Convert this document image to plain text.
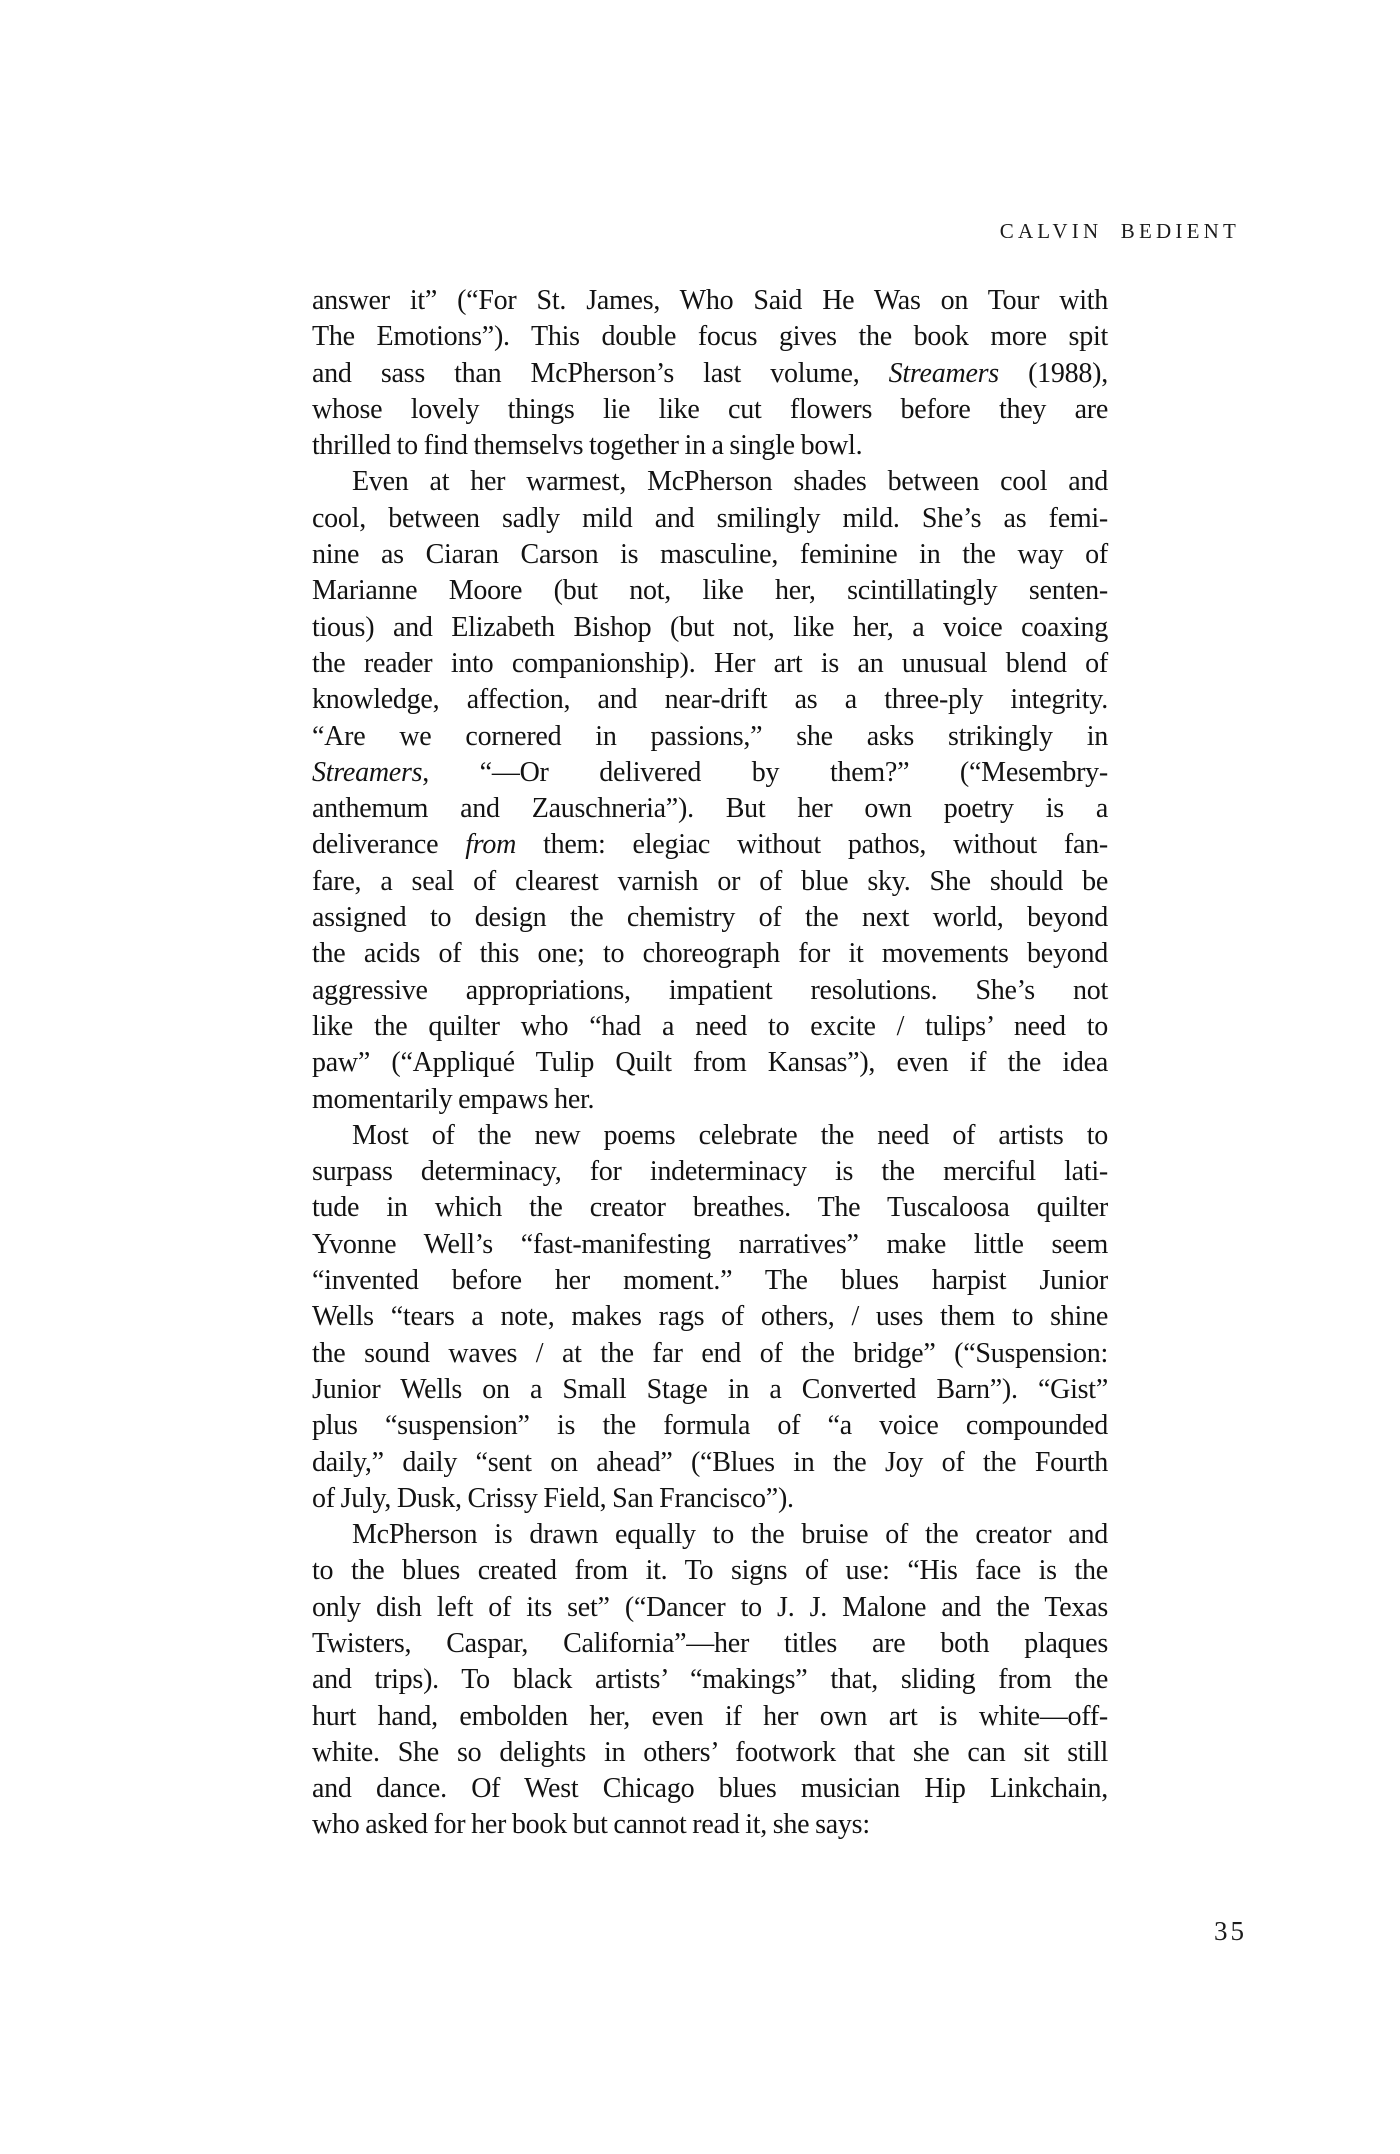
CALVIN BEDIENT
answer it” (“For St. James, Who Said He Was on Tour with
The Emotions”). This double focus gives the book more spit
and sass than McPherson’s last volume, Streamers (1988),
whose lovely things lie like cut flowers before they are
thrilled to find themselvs together in a single bowl.
Even at her warmest, McPherson shades between cool and
cool, between sadly mild and smilingly mild. She’s as femi-
nine as Ciaran Carson is masculine, feminine in the way of
Marianne Moore (but not, like her, scintillatingly senten-
tious) and Elizabeth Bishop (but not, like her, a voice coaxing
the reader into companionship). Her art is an unusual blend of
knowledge, affection, and near-drift as a three-ply integrity.
“Are we cornered in passions,” she asks strikingly in
Streamers, “—Or delivered by them?” (“Mesembry-
anthemum and Zauschneria”). But her own poetry is a
deliverance from them: elegiac without pathos, without fan-
fare, a seal of clearest varnish or of blue sky. She should be
assigned to design the chemistry of the next world, beyond
the acids of this one; to choreograph for it movements beyond
aggressive appropriations, impatient resolutions. She’s not
like the quilter who “had a need to excite / tulips’ need to
paw” (“Appliqué Tulip Quilt from Kansas”), even if the idea
momentarily empaws her.
Most of the new poems celebrate the need of artists to
surpass determinacy, for indeterminacy is the merciful lati-
tude in which the creator breathes. The Tuscaloosa quilter
Yvonne Well’s “fast-manifesting narratives” make little seem
“invented before her moment.” The blues harpist Junior
Wells “tears a note, makes rags of others, / uses them to shine
the sound waves / at the far end of the bridge” (“Suspension:
Junior Wells on a Small Stage in a Converted Barn”). “Gist”
plus “suspension” is the formula of “a voice compounded
daily,” daily “sent on ahead” (“Blues in the Joy of the Fourth
of July, Dusk, Crissy Field, San Francisco”).
McPherson is drawn equally to the bruise of the creator and
to the blues created from it. To signs of use: “His face is the
only dish left of its set” (“Dancer to J. J. Malone and the Texas
Twisters, Caspar, California”—her titles are both plaques
and trips). To black artists’ “makings” that, sliding from the
hurt hand, embolden her, even if her own art is white—off-
white. She so delights in others’ footwork that she can sit still
and dance. Of West Chicago blues musician Hip Linkchain,
who asked for her book but cannot read it, she says:
35
